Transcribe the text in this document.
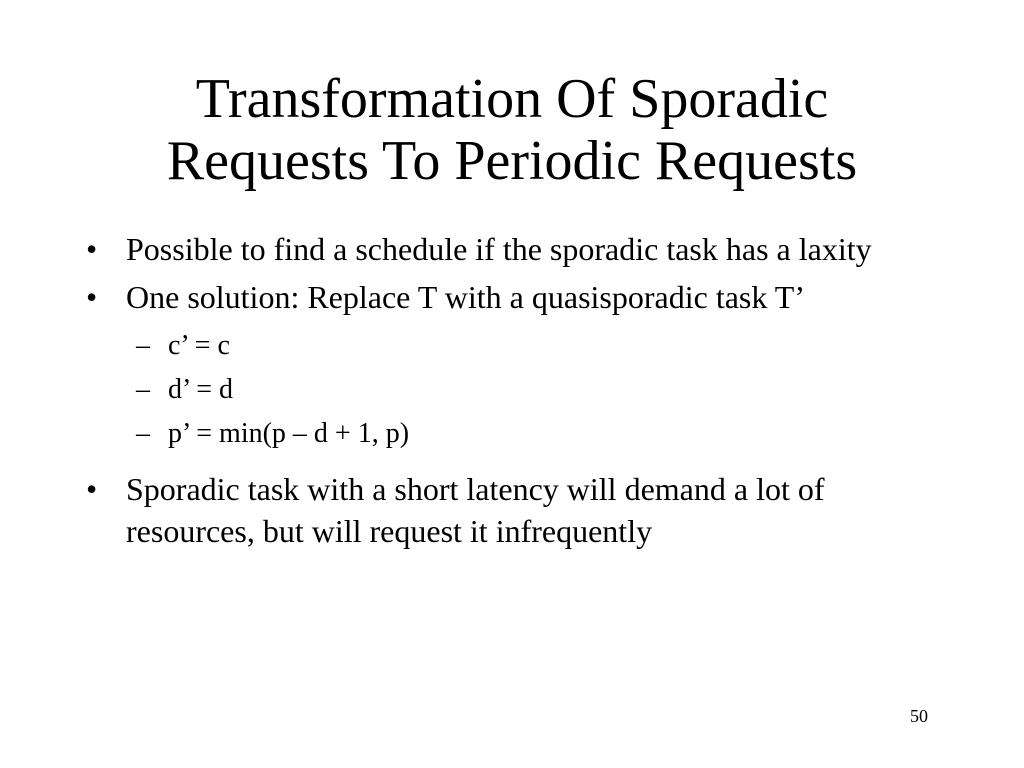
Transformation Of Sporadic
Requests To Periodic Requests
• Possible to find a schedule if the sporadic task has a laxity
• One solution: Replace T with a quasisporadic task T’
– c’ = c
– d’ = d
– p’ = min(p – d + 1, p)
• Sporadic task with a short latency will demand a lot of resources, but will request it infrequently
50
